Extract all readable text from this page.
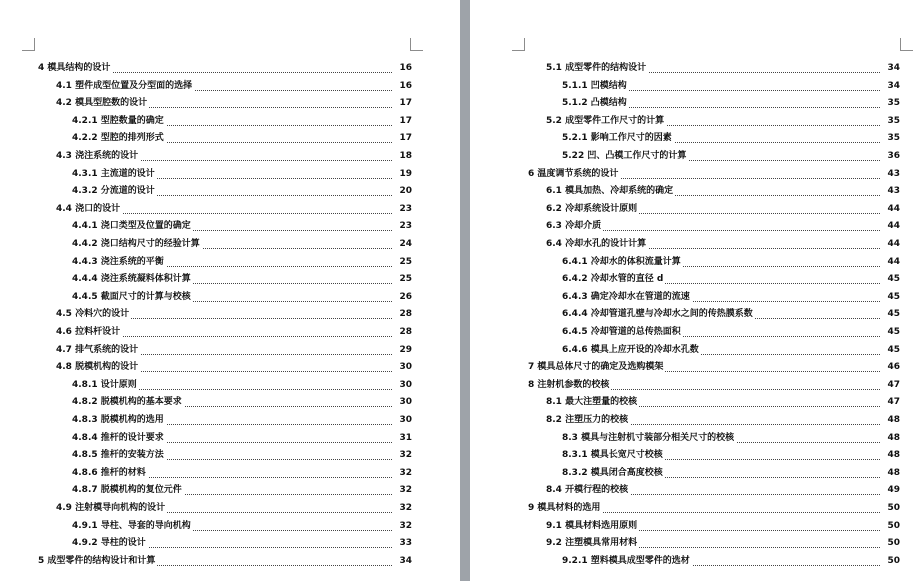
4 模具结构的设计	16
4.1 塑件成型位置及分型面的选择	16
4.2 模具型腔数的设计	17
4.2.1 型腔数量的确定	17
4.2.2 型腔的排列形式	17
4.3 浇注系统的设计	18
4.3.1 主流道的设计	19
4.3.2 分流道的设计	20
4.4 浇口的设计	23
4.4.1 浇口类型及位置的确定	23
4.4.2 浇口结构尺寸的经验计算	24
4.4.3 浇注系统的平衡	25
4.4.4 浇注系统凝料体积计算	25
4.4.5 截面尺寸的计算与校核	26
4.5 冷料穴的设计	28
4.6 拉料杆设计	28
4.7 排气系统的设计	29
4.8 脱模机构的设计	30
4.8.1 设计原则	30
4.8.2 脱模机构的基本要求	30
4.8.3 脱模机构的选用	30
4.8.4 推杆的设计要求	31
4.8.5 推杆的安装方法	32
4.8.6 推杆的材料	32
4.8.7 脱模机构的复位元件	32
4.9 注射模导向机构的设计	32
4.9.1 导柱、导套的导向机构	32
4.9.2 导柱的设计	33
5 成型零件的结构设计和计算	34
5.1 成型零件的结构设计	34
5.1.1 凹模结构	34
5.1.2 凸模结构	35
5.2 成型零件工作尺寸的计算	35
5.2.1 影响工作尺寸的因素	35
5.22 凹、凸模工作尺寸的计算	36
6 温度调节系统的设计	43
6.1 模具加热、冷却系统的确定	43
6.2 冷却系统设计原则	44
6.3 冷却介质	44
6.4 冷却水孔的设计计算	44
6.4.1 冷却水的体积流量计算	44
6.4.2 冷却水管的直径 d	45
6.4.3 确定冷却水在管道的流速	45
6.4.4 冷却管道孔壁与冷却水之间的传热膜系数	45
6.4.5 冷却管道的总传热面积	45
6.4.6 模具上应开设的冷却水孔数	45
7 模具总体尺寸的确定及选购模架	46
8 注射机参数的校核	47
8.1 最大注塑量的校核	47
8.2 注塑压力的校核	48
8.3 模具与注射机寸装部分相关尺寸的校核	48
8.3.1 模具长宽尺寸校核	48
8.3.2 模具闭合高度校核	48
8.4 开模行程的校核	49
9 模具材料的选用	50
9.1 模具材料选用原则	50
9.2 注塑模具常用材料	50
9.2.1 塑料模具成型零件的选材	50
